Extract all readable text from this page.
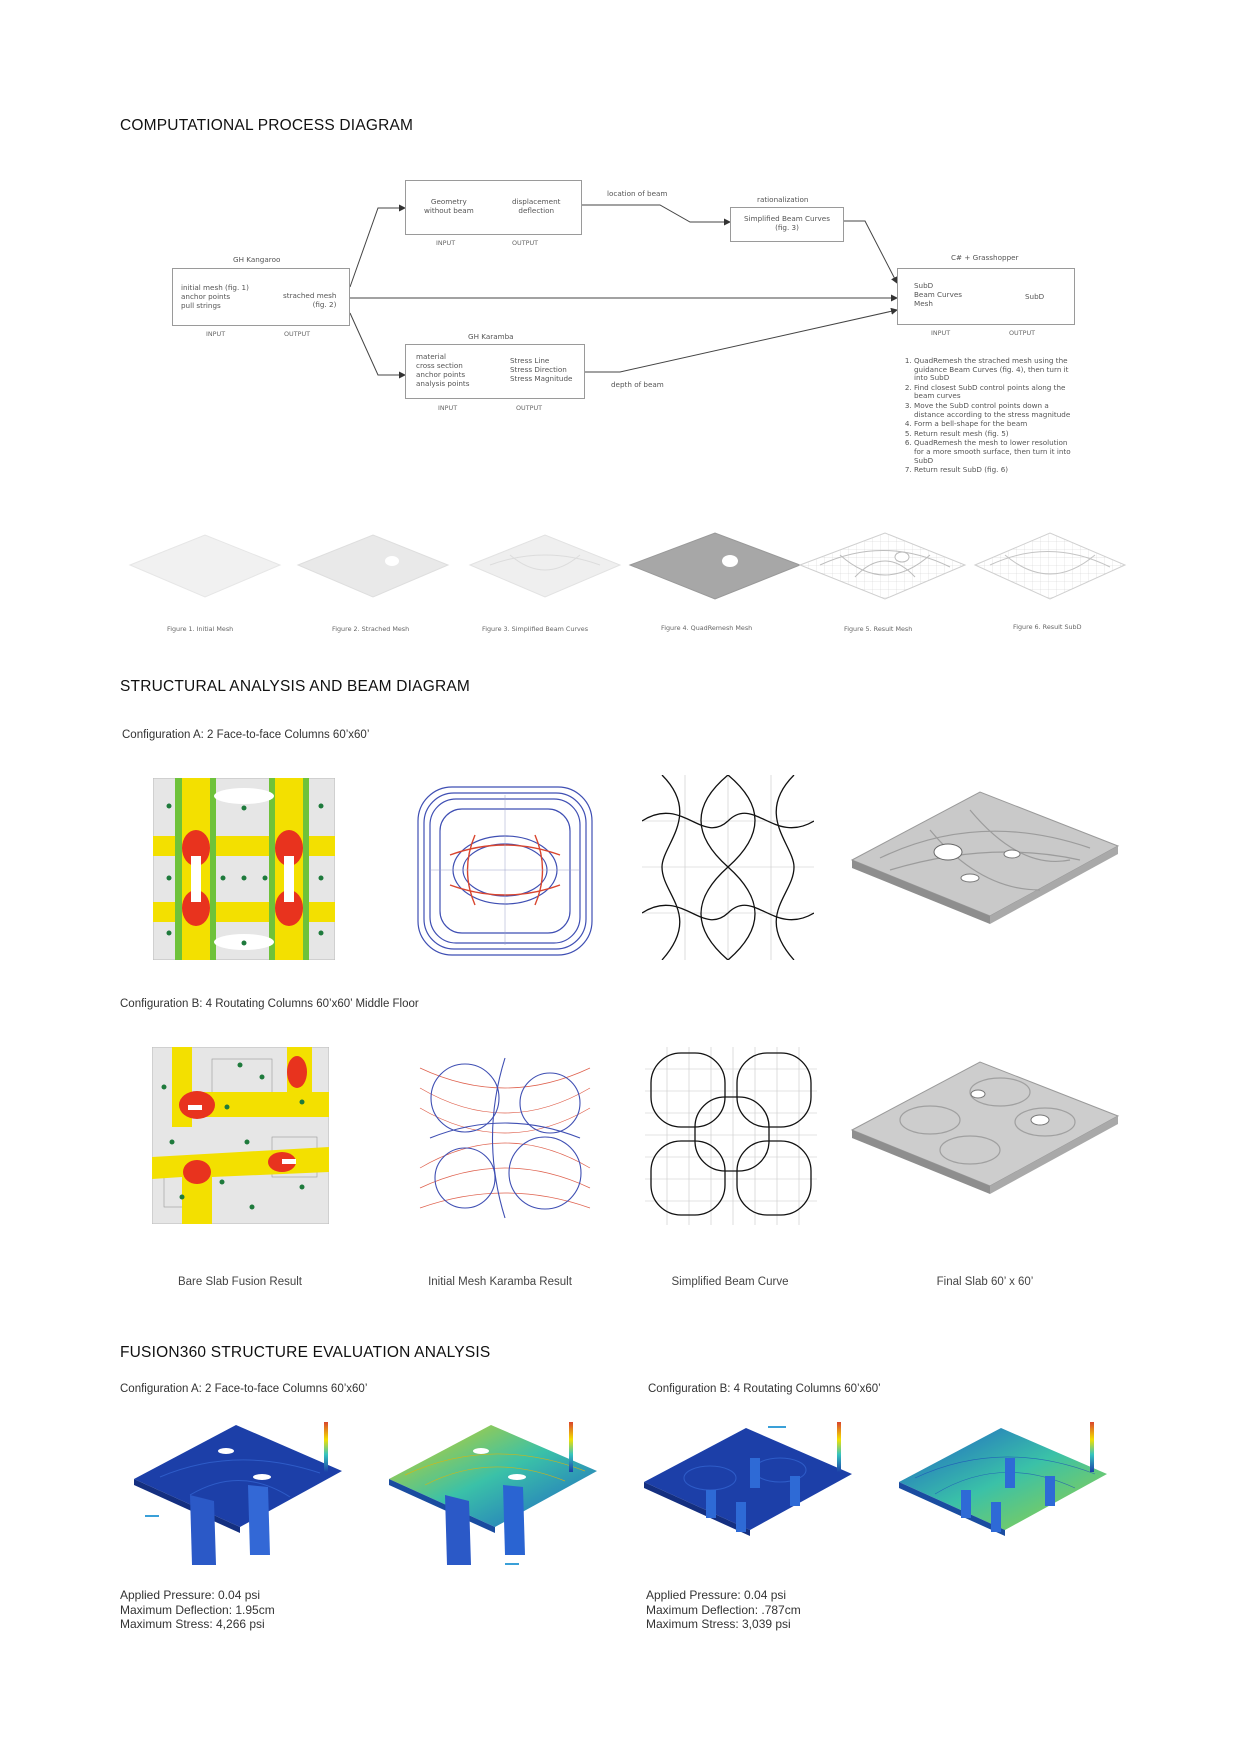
COMPUTATIONAL PROCESS DIAGRAM
STRUCTURAL ANALYSIS AND BEAM DIAGRAM
FUSION360 STRUCTURE EVALUATION ANALYSIS
GH Kangaroo
initial mesh (fig. 1)
anchor points
pull strings
strached mesh
(fig. 2)
INPUT	OUTPUT
Geometry
without beam
displacement
deflection
INPUT	OUTPUT
location of beam
rationalization
Simplified Beam Curves
(fig. 3)
GH Karamba
material
cross section
anchor points
analysis points
Stress Line
Stress Direction
Stress Magnitude
INPUT	OUTPUT
depth of beam
C# + Grasshopper
SubD
Beam Curves
Mesh
SubD
INPUT	OUTPUT
1. QuadRemesh the strached mesh using the guidance Beam Curves (fig. 4), then turn it into SubD
2. Find closest SubD control points along the beam curves
3. Move the SubD control points down a distance according to the stress magnitude
4. Form a bell-shape for the beam
5. Return result mesh (fig. 5)
6. QuadRemesh the mesh to lower resolution for a more smooth surface, then turn it into SubD
7. Return result SubD (fig. 6)
Figure 1. Initial Mesh	Figure 2. Strached Mesh	Figure 3. Simplified Beam Curves	Figure 4. QuadRemesh Mesh	Figure 5. Result Mesh	Figure 6. Result SubD
Configuration A: 2 Face-to-face Columns 60’x60’
Configuration B: 4 Routating Columns 60’x60’ Middle Floor
Bare Slab Fusion Result	Initial Mesh Karamba Result	Simplified Beam Curve	Final Slab 60’ x 60’
Configuration A: 2 Face-to-face Columns 60’x60’	Configuration B: 4 Routating Columns 60’x60’
Applied Pressure: 0.04 psi
Maximum Deflection: 1.95cm
Maximum Stress: 4,266 psi
Applied Pressure: 0.04 psi
Maximum Deflection: .787cm
Maximum Stress: 3,039 psi
